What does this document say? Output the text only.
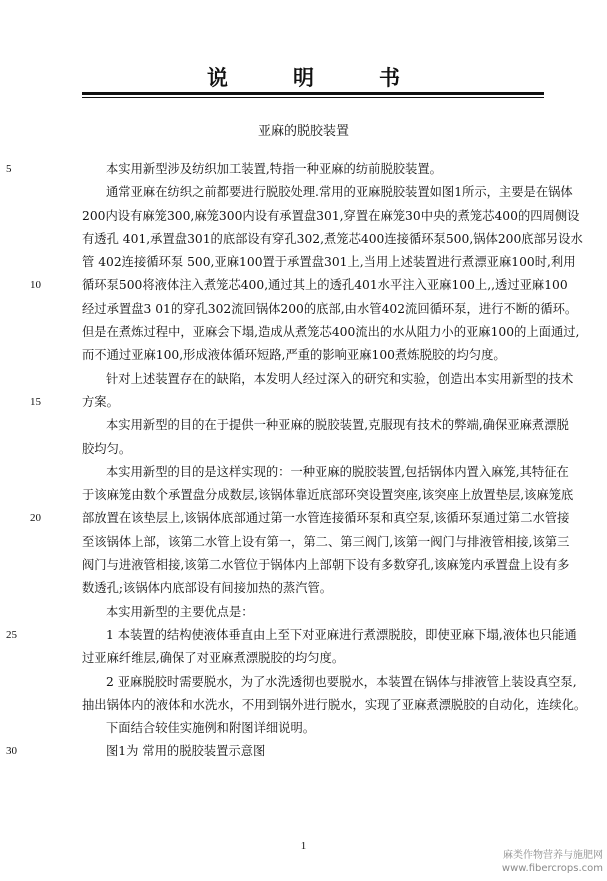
说　明　书

亚麻的脱胶装置

5	本实用新型涉及纺织加工装置,特指一种亚麻的纺前脱胶装置。
通常亚麻在纺织之前都要进行脱胶处理.常用的亚麻脱胶装置如图1所示，主要是在锅体
200内设有麻笼300,麻笼300内设有承置盘301,穿置在麻笼30中央的煮笼芯400的四周侧设
有透孔 401,承置盘301的底部设有穿孔302,煮笼芯400连接循环泵500,锅体200底部另设水
管 402连接循环泵 500,亚麻100置于承置盘301上,当用上述装置进行煮漂亚麻100时,利用
10	循环泵500将液体注入煮笼芯400,通过其上的透孔401水平注入亚麻100上,,透过亚麻100
经过承置盘3 01的穿孔302流回锅体200的底部,由水管402流回循环泵，进行不断的循环。
但是在煮炼过程中，亚麻会下塌,造成从煮笼芯400流出的水从阻力小的亚麻100的上面通过,
而不通过亚麻100,形成液体循环短路,严重的影响亚麻100煮炼脱胶的均匀度。
针对上述装置存在的缺陷，本发明人经过深入的研究和实验，创造出本实用新型的技术
15	方案。
本实用新型的目的在于提供一种亚麻的脱胶装置,克服现有技术的弊端,确保亚麻煮漂脱
胶均匀。
本实用新型的目的是这样实现的：一种亚麻的脱胶装置,包括锅体内置入麻笼,其特征在
于该麻笼由数个承置盘分成数层,该锅体靠近底部环突设置突座,该突座上放置垫层,该麻笼底
20	部放置在该垫层上,该锅体底部通过第一水管连接循环泵和真空泵,该循环泵通过第二水管接
至该锅体上部，该第二水管上设有第一，第二、第三阀门,该第一阀门与排液管相接,该第三
阀门与进液管相接,该第二水管位于锅体内上部朝下设有多数穿孔,该麻笼内承置盘上设有多
数透孔;该锅体内底部设有间接加热的蒸汽管。
本实用新型的主要优点是：
25	1 本装置的结构使液体垂直由上至下对亚麻进行煮漂脱胶，即使亚麻下塌,液体也只能通
过亚麻纤维层,确保了对亚麻煮漂脱胶的均匀度。
2 亚麻脱胶时需要脱水，为了水洗透彻也要脱水，本装置在锅体与排液管上装设真空泵,
抽出锅体内的液体和水洗水，不用到锅外进行脱水，实现了亚麻煮漂脱胶的自动化，连续化。
下面结合较佳实施例和附图详细说明。
30	图1为 常用的脱胶装置示意图
1
麻类作物营养与施肥网
www.fibercrops.com
